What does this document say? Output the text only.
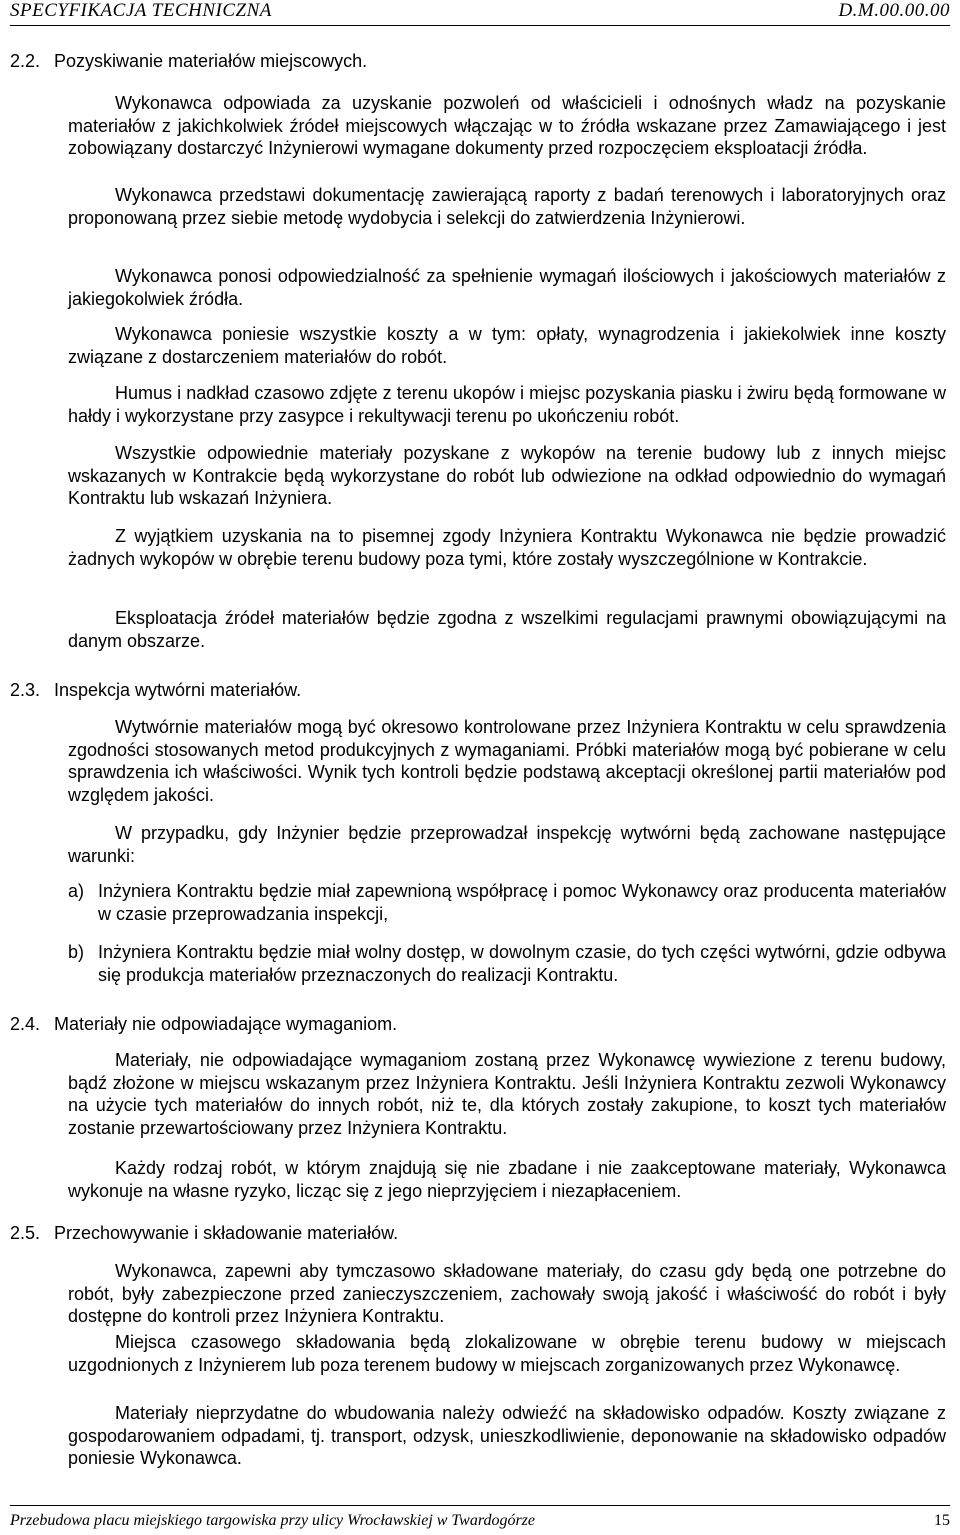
SPECYFIKACJA TECHNICZNA	D.M.00.00.00
2.2. Pozyskiwanie materiałów miejscowych.
Wykonawca odpowiada za uzyskanie pozwoleń od właścicieli i odnośnych władz na pozyskanie materiałów z jakichkolwiek źródeł miejscowych włączając w to źródła wskazane przez Zamawiającego i jest zobowiązany dostarczyć Inżynierowi wymagane dokumenty przed rozpoczęciem eksploatacji źródła.
Wykonawca przedstawi dokumentację zawierającą raporty z badań terenowych i laboratoryjnych oraz proponowaną przez siebie metodę wydobycia i selekcji do zatwierdzenia Inżynierowi.
Wykonawca ponosi odpowiedzialność za spełnienie wymagań ilościowych i jakościowych materiałów z jakiegokolwiek źródła.
Wykonawca poniesie wszystkie koszty a w tym: opłaty, wynagrodzenia i jakiekolwiek inne koszty związane z dostarczeniem materiałów do robót.
Humus i nadkład czasowo zdjęte z terenu ukopów i miejsc pozyskania piasku i żwiru będą formowane w hałdy i wykorzystane przy zasypce i rekultywacji terenu po ukończeniu robót.
Wszystkie odpowiednie materiały pozyskane z wykopów na terenie budowy lub z innych miejsc wskazanych w Kontrakcie będą wykorzystane do robót lub odwiezione na odkład odpowiednio do wymagań Kontraktu lub wskazań Inżyniera.
Z wyjątkiem uzyskania na to pisemnej zgody Inżyniera Kontraktu Wykonawca nie będzie prowadzić żadnych wykopów w obrębie terenu budowy poza tymi, które zostały wyszczególnione w Kontrakcie.
Eksploatacja źródeł materiałów będzie zgodna z wszelkimi regulacjami prawnymi obowiązującymi na danym obszarze.
2.3. Inspekcja wytwórni materiałów.
Wytwórnie materiałów mogą być okresowo kontrolowane przez Inżyniera Kontraktu w celu sprawdzenia zgodności stosowanych metod produkcyjnych z wymaganiami. Próbki materiałów mogą być pobierane w celu sprawdzenia ich właściwości. Wynik tych kontroli będzie podstawą akceptacji określonej partii materiałów pod względem jakości.
W przypadku, gdy Inżynier będzie przeprowadzał inspekcję wytwórni będą zachowane następujące warunki:
a) Inżyniera Kontraktu będzie miał zapewnioną współpracę i pomoc Wykonawcy oraz producenta materiałów w czasie przeprowadzania inspekcji,
b) Inżyniera Kontraktu będzie miał wolny dostęp, w dowolnym czasie, do tych części wytwórni, gdzie odbywa się produkcja materiałów przeznaczonych do realizacji Kontraktu.
2.4. Materiały nie odpowiadające wymaganiom.
Materiały, nie odpowiadające wymaganiom zostaną przez Wykonawcę wywiezione z terenu budowy, bądź złożone w miejscu wskazanym przez Inżyniera Kontraktu. Jeśli Inżyniera Kontraktu zezwoli Wykonawcy na użycie tych materiałów do innych robót, niż te, dla których zostały zakupione, to koszt tych materiałów zostanie przewartościowany przez Inżyniera Kontraktu.
Każdy rodzaj robót, w którym znajdują się nie zbadane i nie zaakceptowane materiały, Wykonawca wykonuje na własne ryzyko, licząc się z jego nieprzyjęciem i niezapłaceniem.
2.5. Przechowywanie i składowanie materiałów.
Wykonawca, zapewni aby tymczasowo składowane materiały, do czasu gdy będą one potrzebne do robót, były zabezpieczone przed zanieczyszczeniem, zachowały swoją jakość i właściwość do robót i były dostępne do kontroli przez Inżyniera Kontraktu.
Miejsca czasowego składowania będą zlokalizowane w obrębie terenu budowy w miejscach uzgodnionych z Inżynierem lub poza terenem budowy w miejscach zorganizowanych przez Wykonawcę.
Materiały nieprzydatne do wbudowania należy odwieźć na składowisko odpadów. Koszty związane z gospodarowaniem odpadami, tj. transport, odzysk, unieszkodliwienie, deponowanie na składowisko odpadów poniesie Wykonawca.
Przebudowa placu miejskiego targowiska przy ulicy Wrocławskiej w Twardogórze	15
